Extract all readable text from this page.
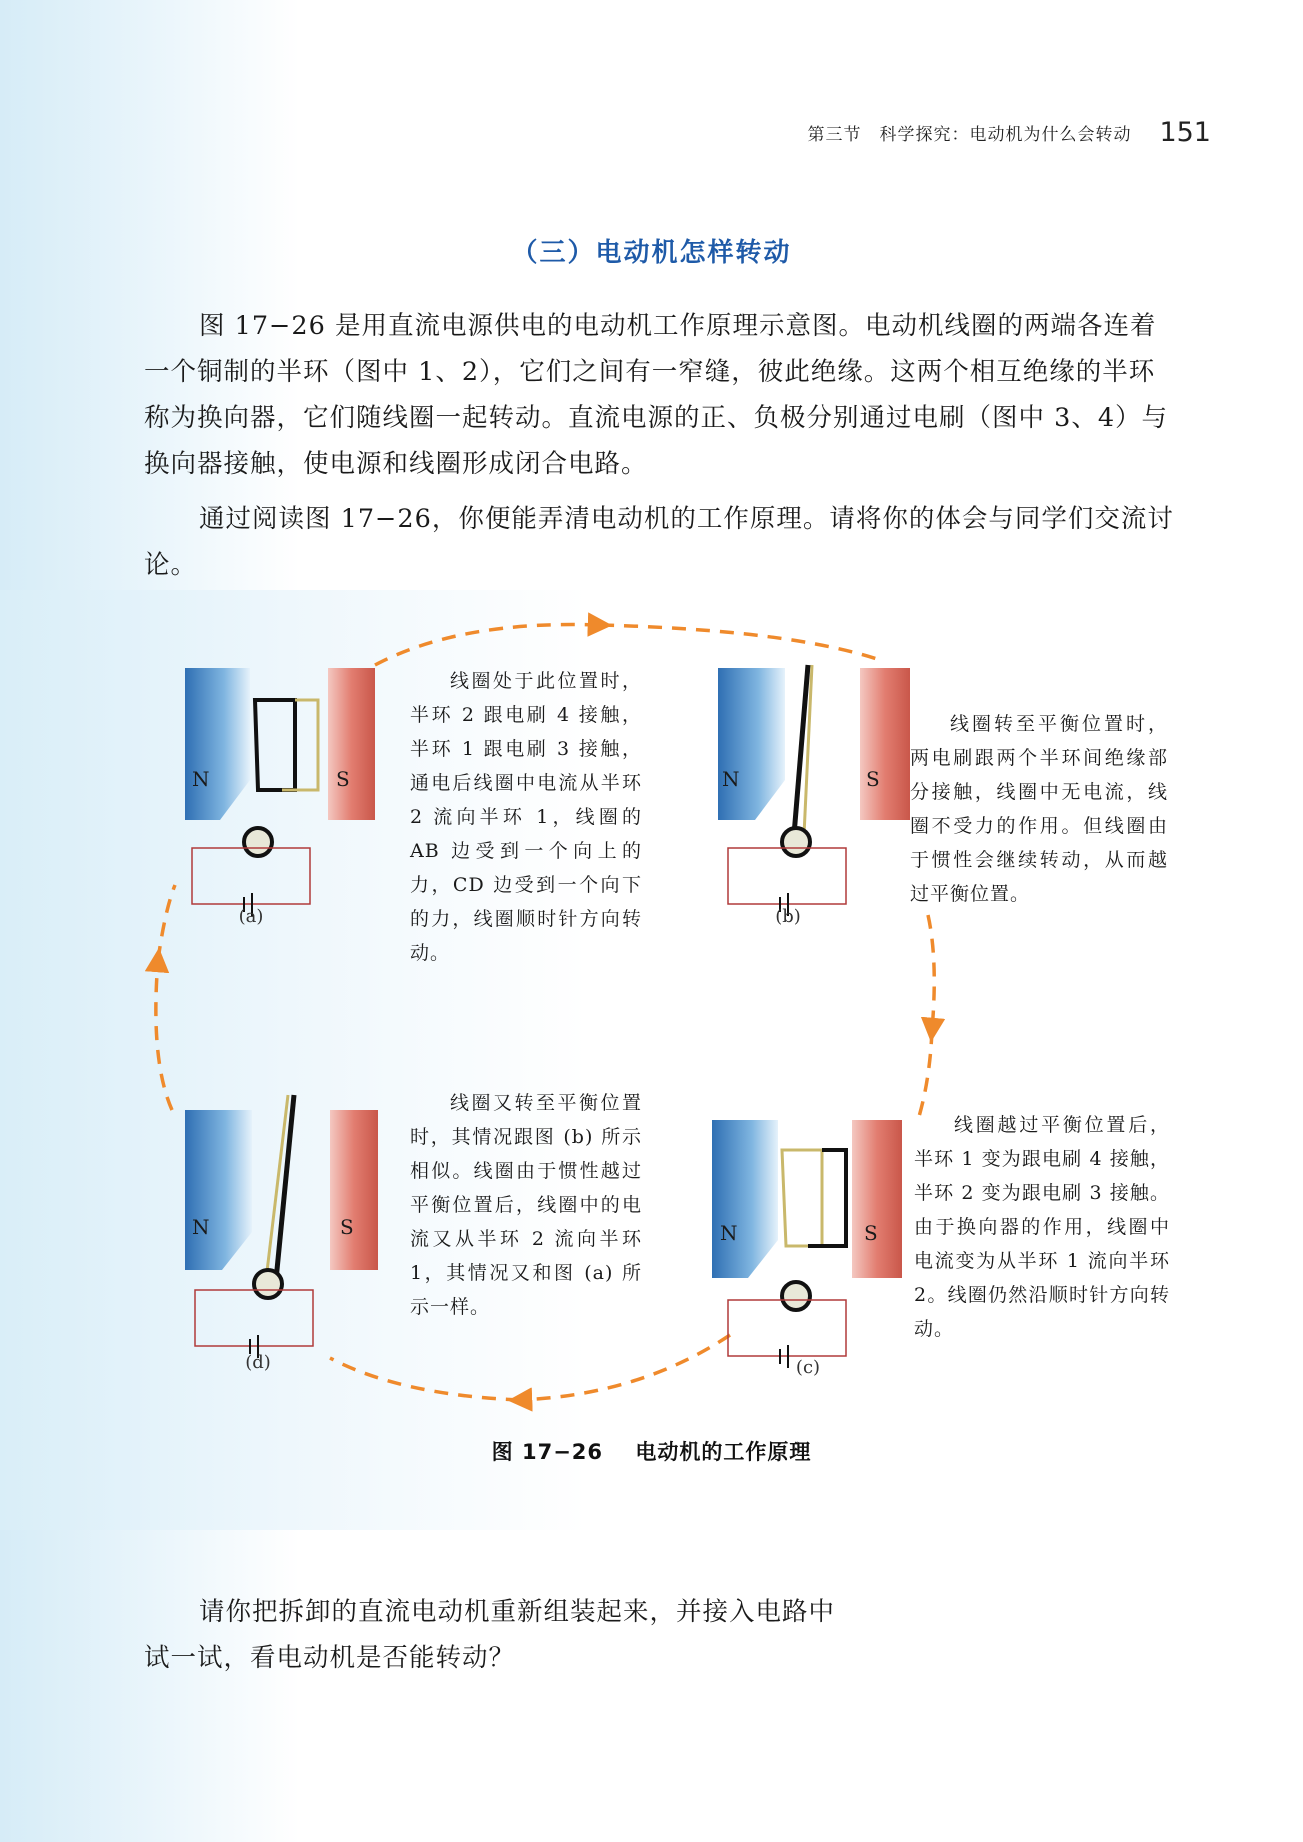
第三节　科学探究：电动机为什么会转动 151
（三）电动机怎样转动

图 17−26 是用直流电源供电的电动机工作原理示意图。电动机线圈的两端各连着一个铜制的半环（图中 1、2），它们之间有一窄缝，彼此绝缘。这两个相互绝缘的半环称为换向器，它们随线圈一起转动。直流电源的正、负极分别通过电刷（图中 3、4）与换向器接触，使电源和线圈形成闭合电路。

通过阅读图 17−26，你便能弄清电动机的工作原理。请将你的体会与同学们交流讨论。

N	S	N	S
N	S
N	S

线圈处于此位置时，半环 2 跟电刷 4 接触，半环 1 跟电刷 3 接触，通电后线圈中电流从半环 2 流向半环 1，线圈的 AB 边受到一个向上的力，CD 边受到一个向下的力，线圈顺时针方向转动。

线圈转至平衡位置时，两电刷跟两个半环间绝缘部分接触，线圈中无电流，线圈不受力的作用。但线圈由于惯性会继续转动，从而越过平衡位置。

线圈越过平衡位置后，半环 1 变为跟电刷 4 接触，半环 2 变为跟电刷 3 接触。由于换向器的作用，线圈中电流变为从半环 1 流向半环 2。线圈仍然沿顺时针方向转动。

线圈又转至平衡位置时，其情况跟图 (b) 所示相似。线圈由于惯性越过平衡位置后，线圈中的电流又从半环 2 流向半环 1，其情况又和图 (a) 所示一样。

(a)	(b)
(c)
(d)
图 17−26 电动机的工作原理

请你把拆卸的直流电动机重新组装起来，并接入电路中试一试，看电动机是否能转动？
